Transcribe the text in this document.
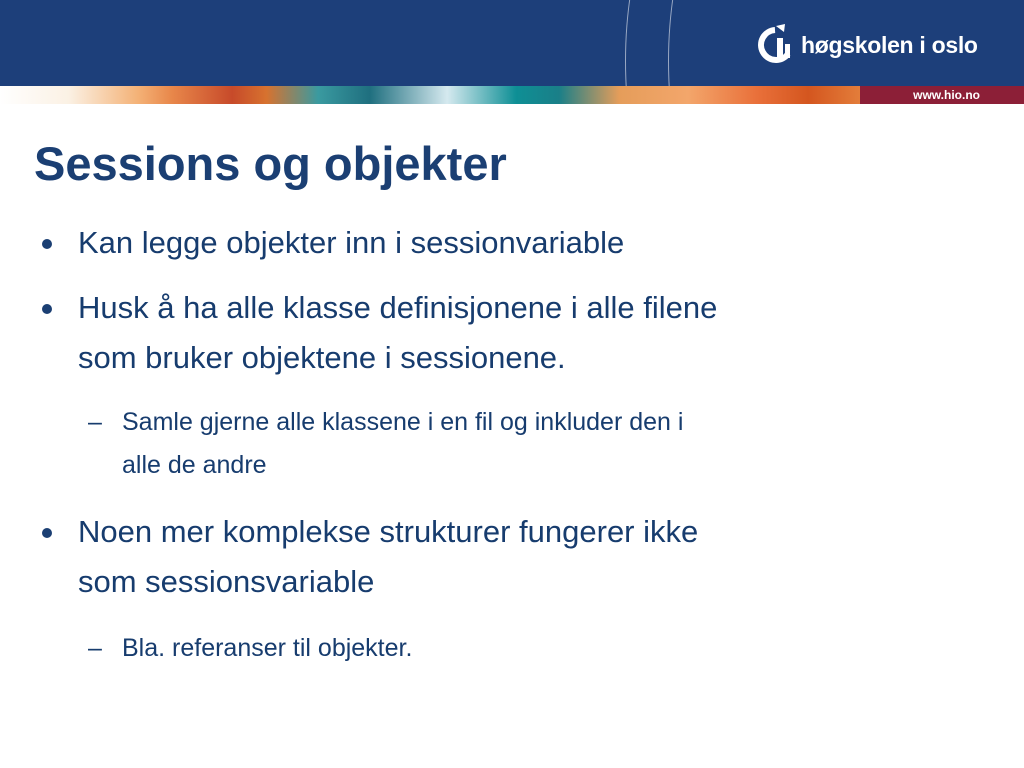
høgskolen i oslo
www.hio.no
Sessions og objekter
Kan legge objekter inn i sessionvariable
Husk å ha alle klasse definisjonene i alle filene
som bruker objektene i sessionene.
– Samle gjerne alle klassene i en fil og inkluder den i
alle de andre
Noen mer komplekse strukturer fungerer ikke
som sessionsvariable
– Bla. referanser til objekter.
